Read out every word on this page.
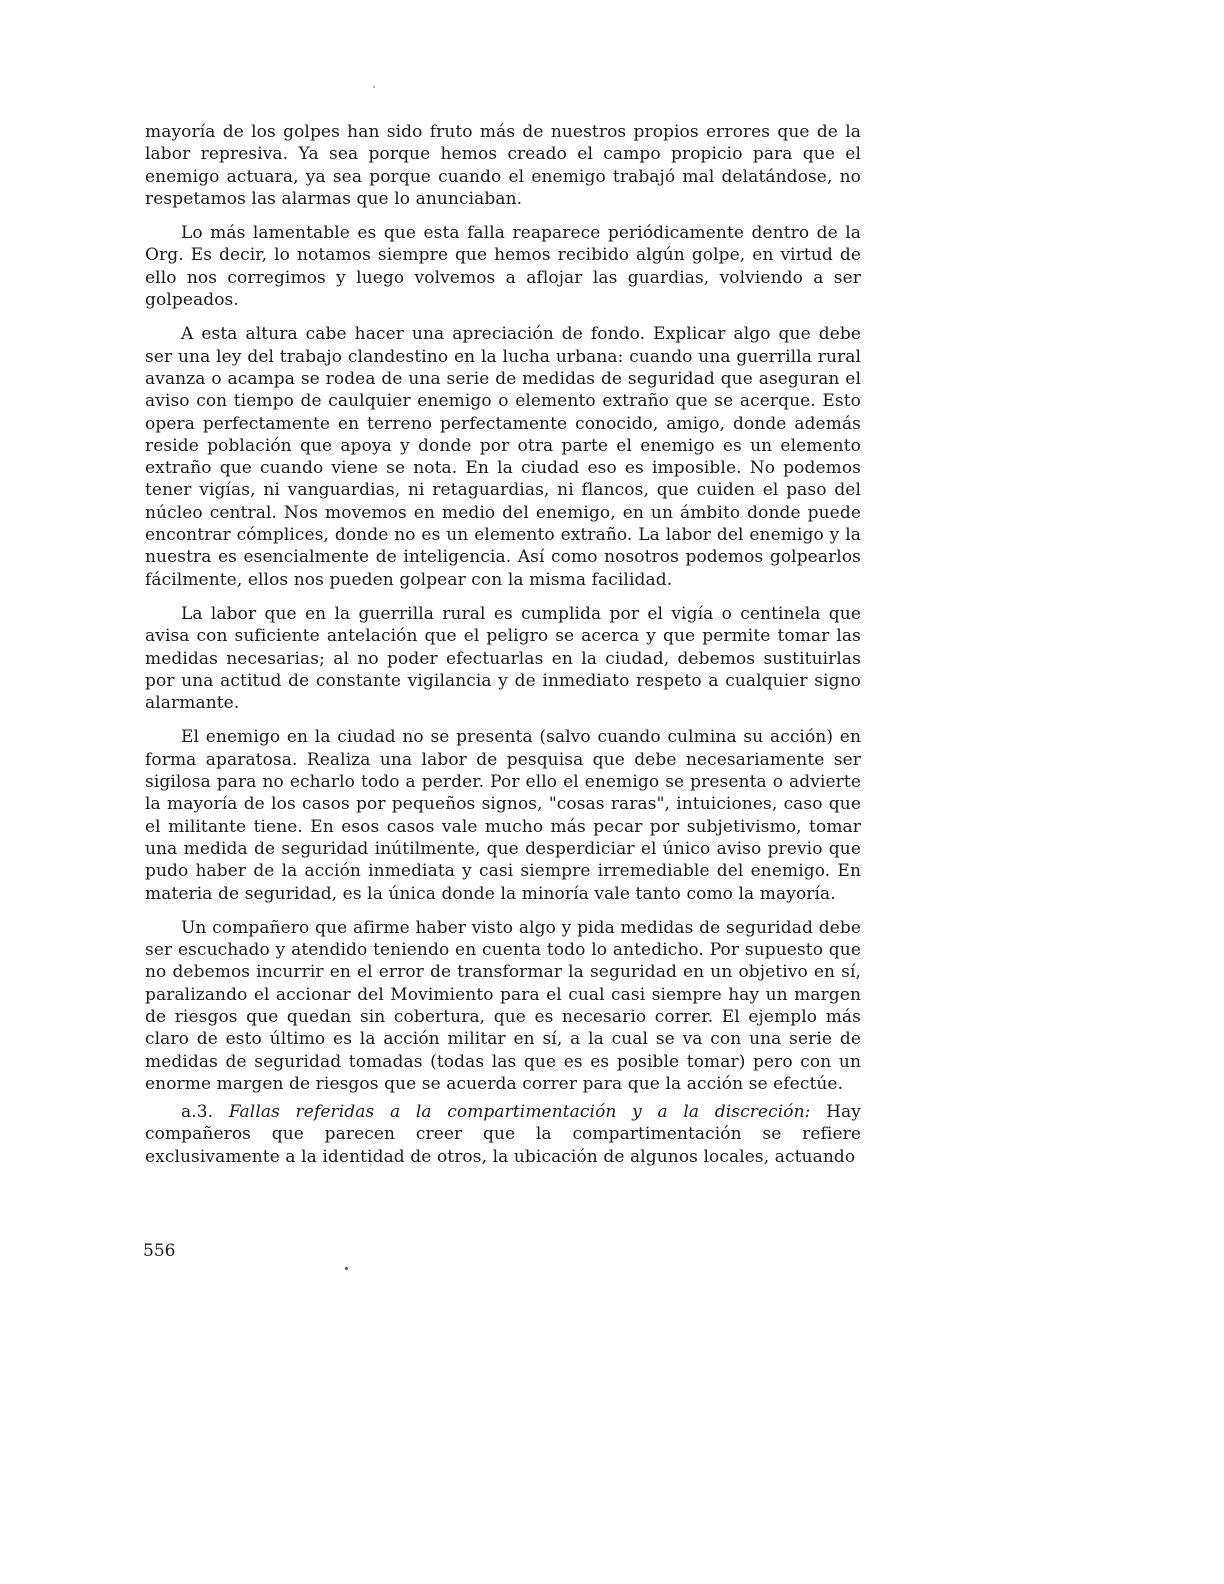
mayoría de los golpes han sido fruto más de nuestros propios errores que de la labor represiva. Ya sea porque hemos creado el campo propicio para que el enemigo actuara, ya sea porque cuando el enemigo trabajó mal delatándose, no respetamos las alarmas que lo anunciaban.

Lo más lamentable es que esta falla reaparece periódicamente dentro de la Org. Es decir, lo notamos siempre que hemos recibido algún golpe, en virtud de ello nos corregimos y luego volvemos a aflojar las guardias, volviendo a ser golpeados.

A esta altura cabe hacer una apreciación de fondo. Explicar algo que debe ser una ley del trabajo clandestino en la lucha urbana: cuando una guerrilla rural avanza o acampa se rodea de una serie de medidas de seguridad que aseguran el aviso con tiempo de caulquier enemigo o elemento extraño que se acerque. Esto opera perfectamente en terreno perfectamente conocido, amigo, donde además reside población que apoya y donde por otra parte el enemigo es un elemento extraño que cuando viene se nota. En la ciudad eso es imposible. No podemos tener vigías, ni vanguardias, ni retaguardias, ni flancos, que cuiden el paso del núcleo central. Nos movemos en medio del enemigo, en un ámbito donde puede encontrar cómplices, donde no es un elemento extraño. La labor del enemigo y la nuestra es esencialmente de inteligencia. Así como nosotros podemos golpearlos fácilmente, ellos nos pueden golpear con la misma facilidad.

La labor que en la guerrilla rural es cumplida por el vigía o centinela que avisa con suficiente antelación que el peligro se acerca y que permite tomar las medidas necesarias; al no poder efectuarlas en la ciudad, debemos sustituirlas por una actitud de constante vigilancia y de inmediato respeto a cualquier signo alarmante.

El enemigo en la ciudad no se presenta (salvo cuando culmina su acción) en forma aparatosa. Realiza una labor de pesquisa que debe necesariamente ser sigilosa para no echarlo todo a perder. Por ello el enemigo se presenta o advierte la mayoría de los casos por pequeños signos, "cosas raras", intuiciones, caso que el militante tiene. En esos casos vale mucho más pecar por subjetivismo, tomar una medida de seguridad inútilmente, que desperdiciar el único aviso previo que pudo haber de la acción inmediata y casi siempre irremediable del enemigo. En materia de seguridad, es la única donde la minoría vale tanto como la mayoría.

Un compañero que afirme haber visto algo y pida medidas de seguridad debe ser escuchado y atendido teniendo en cuenta todo lo antedicho. Por supuesto que no debemos incurrir en el error de transformar la seguridad en un objetivo en sí, paralizando el accionar del Movimiento para el cual casi siempre hay un margen de riesgos que quedan sin cobertura, que es necesario correr. El ejemplo más claro de esto último es la acción militar en sí, a la cual se va con una serie de medidas de seguridad tomadas (todas las que es es posible tomar) pero con un enorme margen de riesgos que se acuerda correr para que la acción se efectúe.

a.3. Fallas referidas a la compartimentación y a la discreción: Hay compañeros que parecen creer que la compartimentación se refiere exclusivamente a la identidad de otros, la ubicación de algunos locales, actuando

556
